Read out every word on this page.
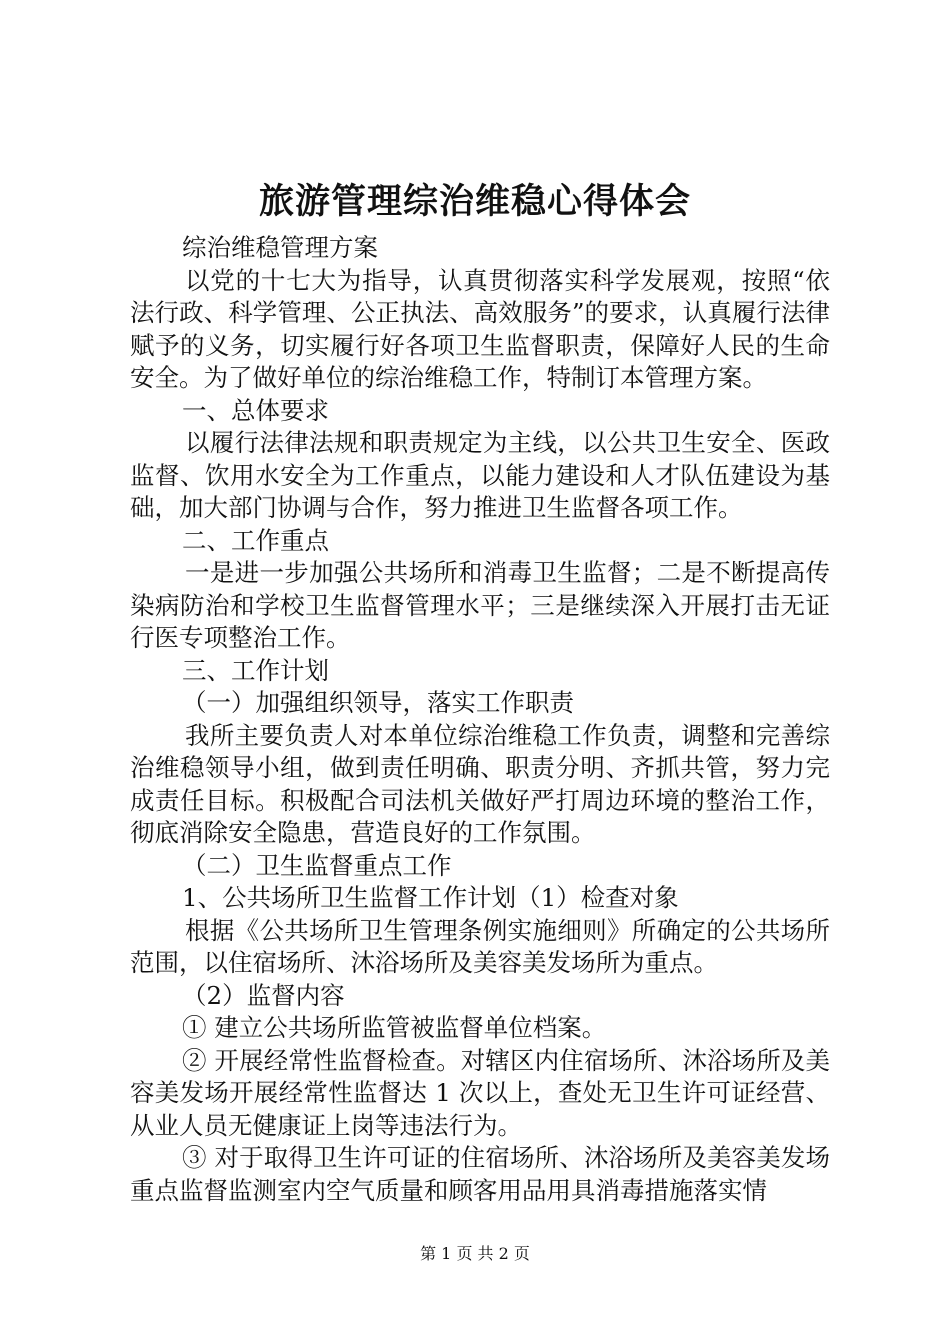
旅游管理综治维稳心得体会

综治维稳管理方案

以党的十七大为指导，认真贯彻落实科学发展观，按照“依法行政、科学管理、公正执法、高效服务”的要求，认真履行法律赋予的义务，切实履行好各项卫生监督职责，保障好人民的生命安全。为了做好单位的综治维稳工作，特制订本管理方案。

一、总体要求

以履行法律法规和职责规定为主线，以公共卫生安全、医政监督、饮用水安全为工作重点，以能力建设和人才队伍建设为基础，加大部门协调与合作，努力推进卫生监督各项工作。

二、工作重点

一是进一步加强公共场所和消毒卫生监督；二是不断提高传染病防治和学校卫生监督管理水平；三是继续深入开展打击无证行医专项整治工作。

三、工作计划

（一）加强组织领导，落实工作职责

我所主要负责人对本单位综治维稳工作负责，调整和完善综治维稳领导小组，做到责任明确、职责分明、齐抓共管，努力完成责任目标。积极配合司法机关做好严打周边环境的整治工作，彻底消除安全隐患，营造良好的工作氛围。

（二）卫生监督重点工作

1、公共场所卫生监督工作计划（1）检查对象

根据《公共场所卫生管理条例实施细则》所确定的公共场所范围，以住宿场所、沐浴场所及美容美发场所为重点。

（2）监督内容

① 建立公共场所监管被监督单位档案。

② 开展经常性监督检查。对辖区内住宿场所、沐浴场所及美容美发场开展经常性监督达 1 次以上，查处无卫生许可证经营、从业人员无健康证上岗等违法行为。

③ 对于取得卫生许可证的住宿场所、沐浴场所及美容美发场重点监督监测室内空气质量和顾客用品用具消毒措施落实情

第 1 页 共 2 页
